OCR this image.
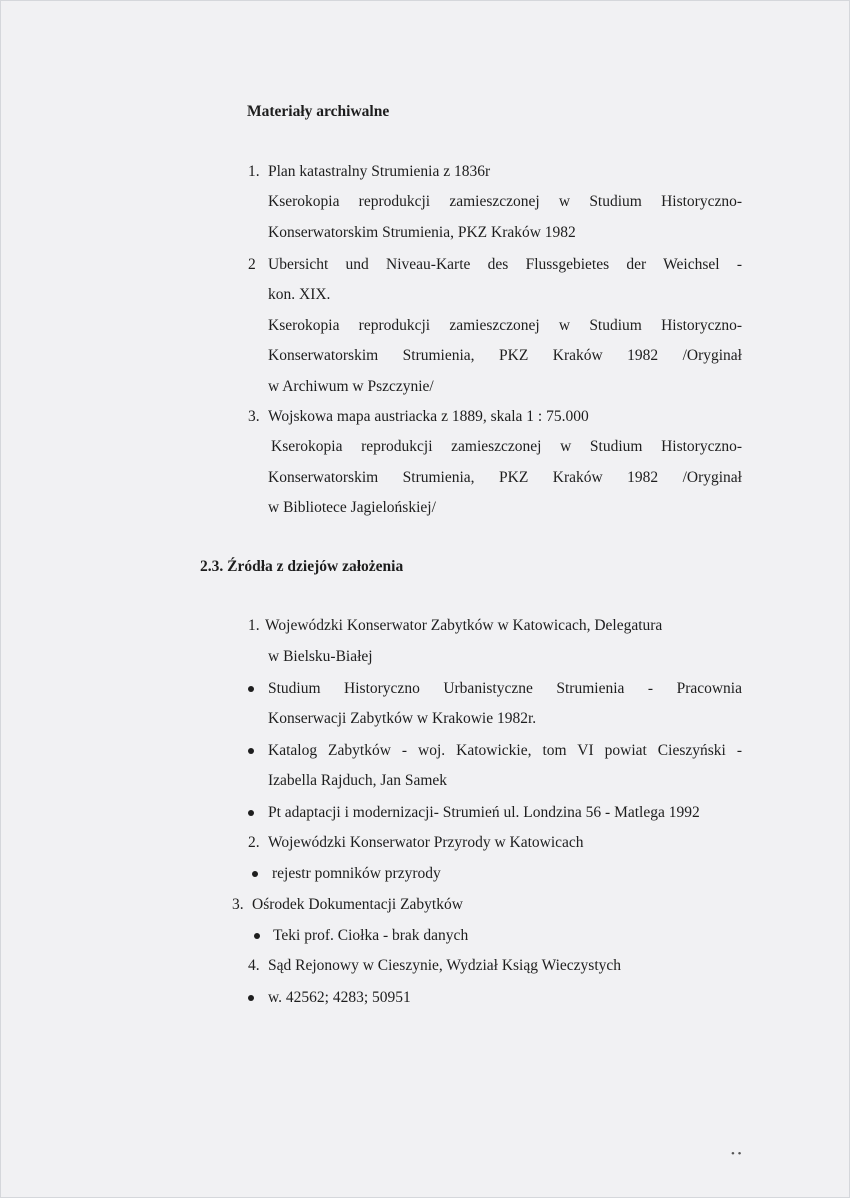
Materiały archiwalne
1. Plan katastralny Strumienia z 1836r
Kserokopia reprodukcji zamieszczonej w Studium Historyczno-
Konserwatorskim Strumienia, PKZ Kraków 1982
2 Ubersicht und Niveau-Karte des Flussgebietes der Weichsel -
kon. XIX.
Kserokopia reprodukcji zamieszczonej w Studium Historyczno-
Konserwatorskim Strumienia, PKZ Kraków 1982 /Oryginał
w Archiwum w Pszczynie/
3. Wojskowa mapa austriacka z 1889, skala 1 : 75.000
Kserokopia reprodukcji zamieszczonej w Studium Historyczno-
Konserwatorskim Strumienia, PKZ Kraków 1982 /Oryginał
w Bibliotece Jagielońskiej/
2.3. Źródła z dziejów założenia
1. Wojewódzki Konserwator Zabytków w Katowicach, Delegatura
w Bielsku-Białej
Studium Historyczno Urbanistyczne Strumienia - Pracownia
Konserwacji Zabytków w Krakowie 1982r.
Katalog Zabytków - woj. Katowickie, tom VI powiat Cieszyński -
Izabella Rajduch, Jan Samek
Pt adaptacji i modernizacji- Strumień ul. Londzina 56 - Matlega 1992
2. Wojewódzki Konserwator Przyrody w Katowicach
rejestr pomników przyrody
3. Ośrodek Dokumentacji Zabytków
Teki prof. Ciołka - brak danych
4. Sąd Rejonowy w Cieszynie, Wydział Ksiąg Wieczystych
w. 42562; 4283; 50951
• •
